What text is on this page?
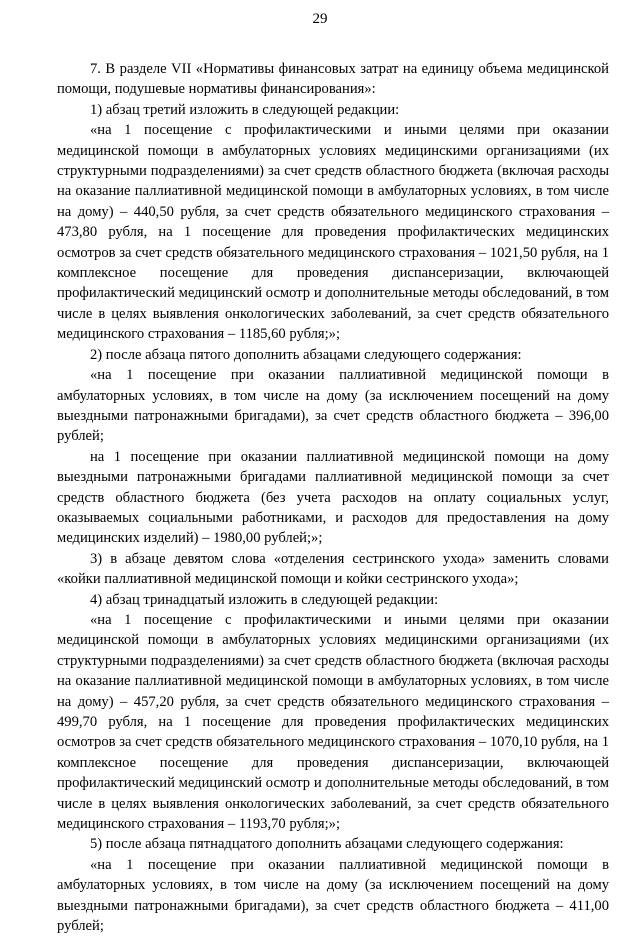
29

7. В разделе VII «Нормативы финансовых затрат на единицу объема медицинской помощи, подушевые нормативы финансирования»:

1) абзац третий изложить в следующей редакции:

«на 1 посещение с профилактическими и иными целями при оказании медицинской помощи в амбулаторных условиях медицинскими организациями (их структурными подразделениями) за счет средств областного бюджета (включая расходы на оказание паллиативной медицинской помощи в амбулаторных условиях, в том числе на дому) – 440,50 рубля, за счет средств обязательного медицинского страхования – 473,80 рубля, на 1 посещение для проведения профилактических медицинских осмотров за счет средств обязательного медицинского страхования – 1021,50 рубля, на 1 комплексное посещение для проведения диспансеризации, включающей профилактический медицинский осмотр и дополнительные методы обследований, в том числе в целях выявления онкологических заболеваний, за счет средств обязательного медицинского страхования – 1185,60 рубля;»;

2) после абзаца пятого дополнить абзацами следующего содержания:

«на 1 посещение при оказании паллиативной медицинской помощи в амбулаторных условиях, в том числе на дому (за исключением посещений на дому выездными патронажными бригадами), за счет средств областного бюджета – 396,00 рублей;

на 1 посещение при оказании паллиативной медицинской помощи на дому выездными патронажными бригадами паллиативной медицинской помощи за счет средств областного бюджета (без учета расходов на оплату социальных услуг, оказываемых социальными работниками, и расходов для предоставления на дому медицинских изделий) – 1980,00 рублей;»;

3) в абзаце девятом слова «отделения сестринского ухода» заменить словами «койки паллиативной медицинской помощи и койки сестринского ухода»;

4) абзац тринадцатый изложить в следующей редакции:

«на 1 посещение с профилактическими и иными целями при оказании медицинской помощи в амбулаторных условиях медицинскими организациями (их структурными подразделениями) за счет средств областного бюджета (включая расходы на оказание паллиативной медицинской помощи в амбулаторных условиях, в том числе на дому) – 457,20 рубля, за счет средств обязательного медицинского страхования – 499,70 рубля, на 1 посещение для проведения профилактических медицинских осмотров за счет средств обязательного медицинского страхования – 1070,10 рубля, на 1 комплексное посещение для проведения диспансеризации, включающей профилактический медицинский осмотр и дополнительные методы обследований, в том числе в целях выявления онкологических заболеваний, за счет средств обязательного медицинского страхования – 1193,70 рубля;»;

5) после абзаца пятнадцатого дополнить абзацами следующего содержания:

«на 1 посещение при оказании паллиативной медицинской помощи в амбулаторных условиях, в том числе на дому (за исключением посещений на дому выездными патронажными бригадами), за счет средств областного бюджета – 411,00 рублей;
